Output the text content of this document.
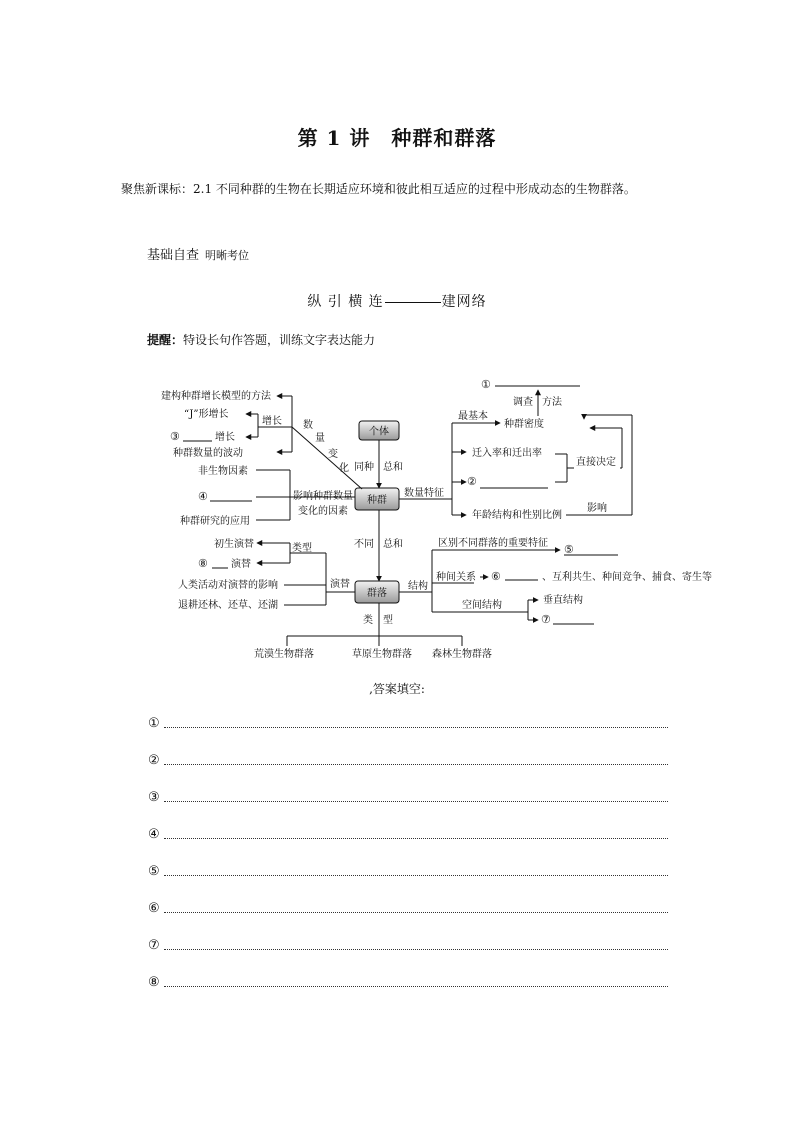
第 1 讲　种群和群落
聚焦新课标：2.1 不同种群的生物在长期适应环境和彼此相互适应的过程中形成动态的生物群落。
基础自查 明晰考位
纵 引 横 连	建网络
提醒：特设长句作答题，训练文字表达能力
个体
种群
群落
建构种群增长模型的方法
“J”形增长
③	增长
种群数量的波动
增长 数
量
变
化
非生物因素
④
种群研究的应用
影响种群数量
变化的因素
同种 总和
不同 总和
类　型
①
调查 方法
最基本
种群密度
迁入率和迁出率
②
直接决定
年龄结构和性别比例
影响
数量特征
初生演替
⑧ 演替
类型
人类活动对演替的影响
退耕还林、还草、还湖
演替	结构
区别不同群落的重要特征 ⑤
种间关系 ⑥	、互利共生、种间竞争、捕食、寄生等
空间结构	垂直结构
⑦
荒漠生物群落	草原生物群落 森林生物群落
,答案填空:
①
②
③
④
⑤
⑥
⑦
⑧
